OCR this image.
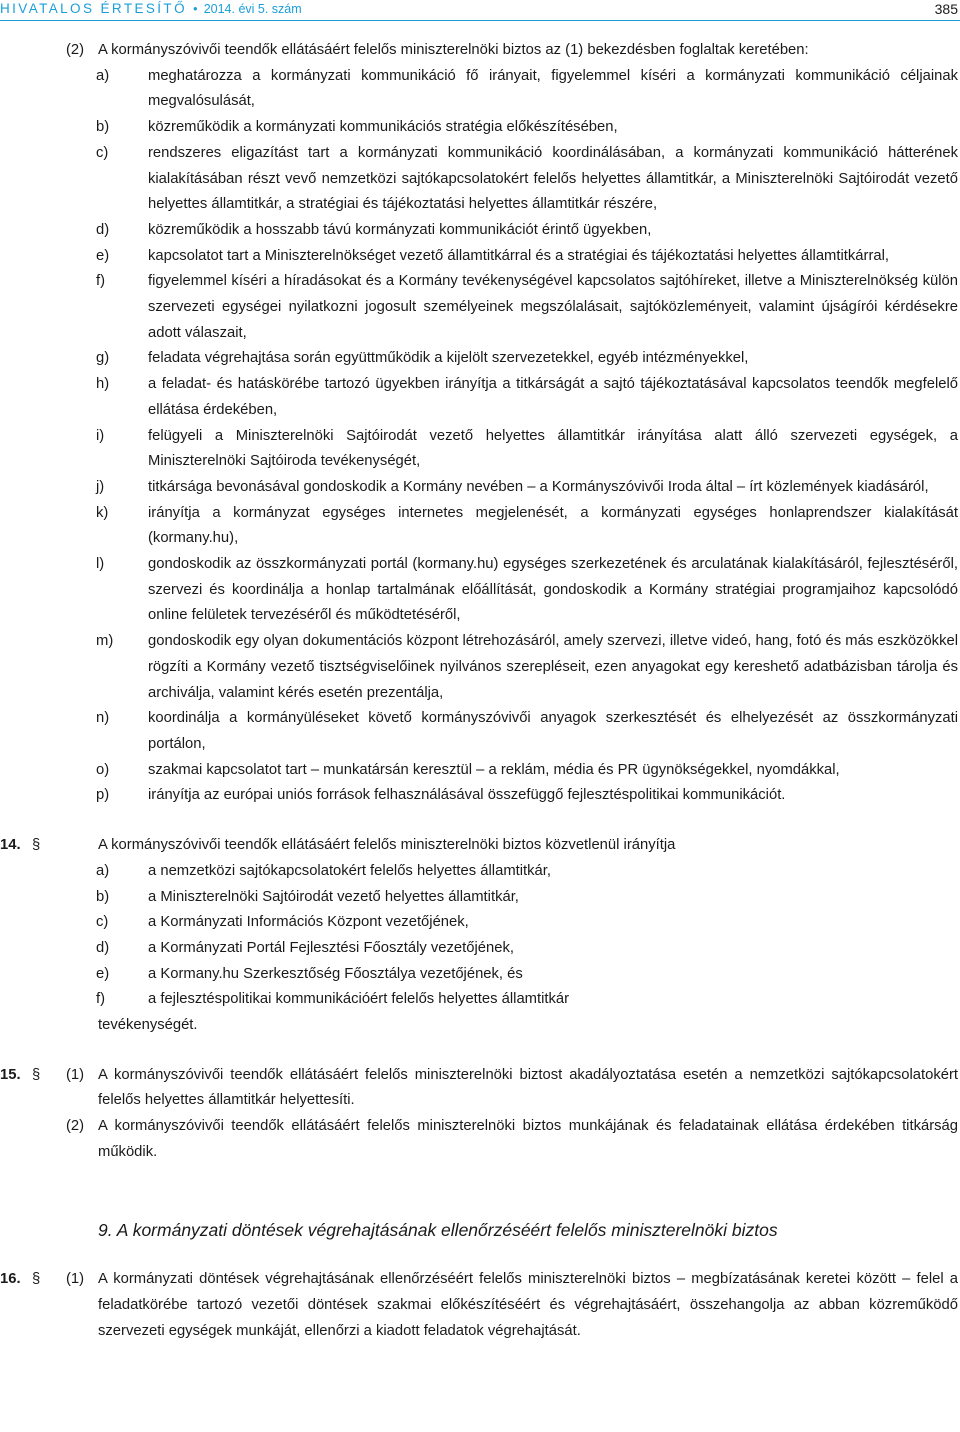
HIVATALOS ÉRTESÍTŐ • 2014. évi 5. szám	385
(2) A kormányszóvivői teendők ellátásáért felelős miniszterelnöki biztos az (1) bekezdésben foglaltak keretében:
a)	meghatározza a kormányzati kommunikáció fő irányait, figyelemmel kíséri a kormányzati kommunikáció céljainak megvalósulását,
b)	közreműködik a kormányzati kommunikációs stratégia előkészítésében,
c)	rendszeres eligazítást tart a kormányzati kommunikáció koordinálásában, a kormányzati kommunikáció hátterének kialakításában részt vevő nemzetközi sajtókapcsolatokért felelős helyettes államtitkár, a Miniszterelnöki Sajtóirodát vezető helyettes államtitkár, a stratégiai és tájékoztatási helyettes államtitkár részére,
d)	közreműködik a hosszabb távú kormányzati kommunikációt érintő ügyekben,
e)	kapcsolatot tart a Miniszterelnökséget vezető államtitkárral és a stratégiai és tájékoztatási helyettes államtitkárral,
f)	figyelemmel kíséri a híradásokat és a Kormány tevékenységével kapcsolatos sajtóhíreket, illetve a Miniszterelnökség külön szervezeti egységei nyilatkozni jogosult személyeinek megszólalásait, sajtóközleményeit, valamint újságírói kérdésekre adott válaszait,
g)	feladata végrehajtása során együttműködik a kijelölt szervezetekkel, egyéb intézményekkel,
h)	a feladat- és hatáskörébe tartozó ügyekben irányítja a titkárságát a sajtó tájékoztatásával kapcsolatos teendők megfelelő ellátása érdekében,
i)	felügyeli a Miniszterelnöki Sajtóirodát vezető helyettes államtitkár irányítása alatt álló szervezeti egységek, a Miniszterelnöki Sajtóiroda tevékenységét,
j)	titkársága bevonásával gondoskodik a Kormány nevében – a Kormányszóvivői Iroda által – írt közlemények kiadásáról,
k)	irányítja a kormányzat egységes internetes megjelenését, a kormányzati egységes honlaprendszer kialakítását (kormany.hu),
l)	gondoskodik az összkormányzati portál (kormany.hu) egységes szerkezetének és arculatának kialakításáról, fejlesztéséről, szervezi és koordinálja a honlap tartalmának előállítását, gondoskodik a Kormány stratégiai programjaihoz kapcsolódó online felületek tervezéséről és működtetéséről,
m) gondoskodik egy olyan dokumentációs központ létrehozásáról, amely szervezi, illetve videó, hang, fotó és más eszközökkel rögzíti a Kormány vezető tisztségviselőinek nyilvános szerepléseit, ezen anyagokat egy kereshető adatbázisban tárolja és archiválja, valamint kérés esetén prezentálja,
n)	koordinálja a kormányüléseket követő kormányszóvivői anyagok szerkesztését és elhelyezését az összkormányzati portálon,
o)	szakmai kapcsolatot tart – munkatársán keresztül – a reklám, média és PR ügynökségekkel, nyomdákkal,
p)	irányítja az európai uniós források felhasználásával összefüggő fejlesztéspolitikai kommunikációt.
14. §	A kormányszóvivői teendők ellátásáért felelős miniszterelnöki biztos közvetlenül irányítja
a)	a nemzetközi sajtókapcsolatokért felelős helyettes államtitkár,
b)	a Miniszterelnöki Sajtóirodát vezető helyettes államtitkár,
c)	a Kormányzati Információs Központ vezetőjének,
d)	a Kormányzati Portál Fejlesztési Főosztály vezetőjének,
e)	a Kormany.hu Szerkesztőség Főosztálya vezetőjének, és
f)	a fejlesztéspolitikai kommunikációért felelős helyettes államtitkár
tevékenységét.
15. § (1) A kormányszóvivői teendők ellátásáért felelős miniszterelnöki biztost akadályoztatása esetén a nemzetközi sajtókapcsolatokért felelős helyettes államtitkár helyettesíti.
(2) A kormányszóvivői teendők ellátásáért felelős miniszterelnöki biztos munkájának és feladatainak ellátása érdekében titkárság működik.
9. A kormányzati döntések végrehajtásának ellenőrzéséért felelős miniszterelnöki biztos
16. § (1) A kormányzati döntések végrehajtásának ellenőrzéséért felelős miniszterelnöki biztos – megbízatásának keretei között – felel a feladatkörébe tartozó vezetői döntések szakmai előkészítéséért és végrehajtásáért, összehangolja az abban közreműködő szervezeti egységek munkáját, ellenőrzi a kiadott feladatok végrehajtását.
